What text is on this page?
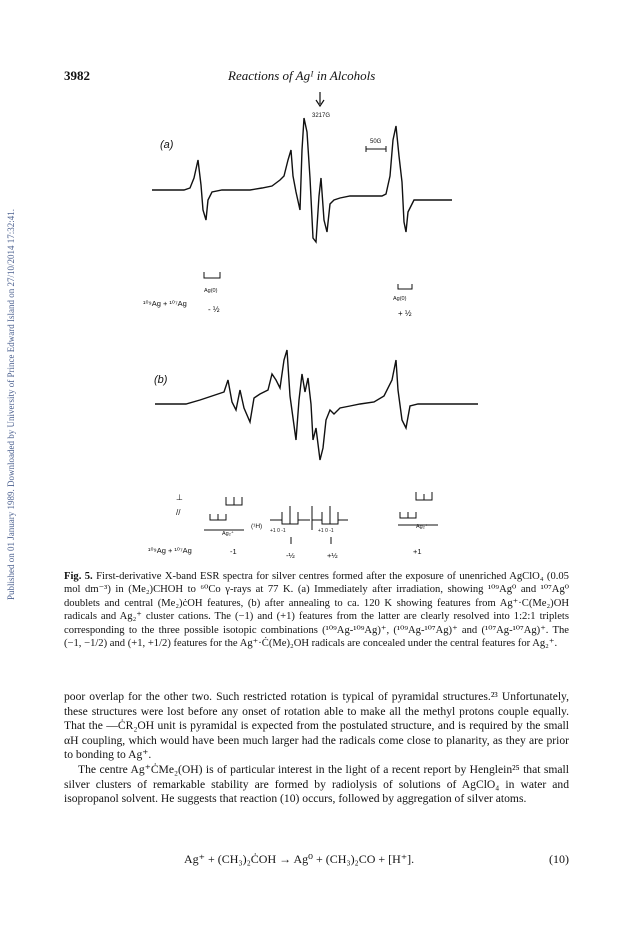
Published on 01 January 1989. Downloaded by University of Prince Edward Island on 27/10/2014 17:32:41.
3982	Reactions of Agᴵ in Alcohols
3217G
50G
(a)
Ag(0)
- ½
Ag(0)
+ ½
¹⁰⁹Ag + ¹⁰⁷Ag
(b)
⊥
//
Ag₂⁺
Ag₂⁺
(¹H)
+1 0 -1	+1 0 -1
¹⁰⁹Ag + ¹⁰⁷Ag	-1	-½	+½	+1
Fig. 5. First-derivative X-band ESR spectra for silver centres formed after the exposure of unenriched AgClO₄ (0.05 mol dm⁻³) in (Me₂)CHOH to ⁶⁰Co γ-rays at 77 K. (a) Immediately after irradiation, showing ¹⁰⁹Ag⁰ and ¹⁰⁷Ag⁰ doublets and central (Me₂)ċOH features, (b) after annealing to ca. 120 K showing features from Ag⁺·C(Me₂)OH radicals and Ag₂⁺ cluster cations. The (−1) and (+1) features from the latter are clearly resolved into 1:2:1 triplets corresponding to the three possible isotopic combinations (¹⁰⁹Ag-¹⁰⁹Ag)⁺, (¹⁰⁹Ag-¹⁰⁷Ag)⁺ and (¹⁰⁷Ag-¹⁰⁷Ag)⁺. The (−1, −1/2) and (+1, +1/2) features for the Ag⁺·Ċ(Me)₂OH radicals are concealed under the central features for Ag₂⁺.

poor overlap for the other two. Such restricted rotation is typical of pyramidal structures.²³ Unfortunately, these structures were lost before any onset of rotation able to make all the methyl protons couple equally. That the —ĊR₂OH unit is pyramidal is expected from the postulated structure, and is required by the small αH coupling, which would have been much larger had the radicals come close to planarity, as they are prior to bonding to Ag⁺.

The centre Ag⁺ĊMe₂(OH) is of particular interest in the light of a recent report by Henglein²⁵ that small silver clusters of remarkable stability are formed by radiolysis of solutions of AgClO₄ in water and isopropanol solvent. He suggests that reaction (10) occurs, followed by aggregation of silver atoms.

Ag⁺ + (CH₃)₂ĊOH → Ag⁰ + (CH₃)₂CO + [H⁺].	(10)
